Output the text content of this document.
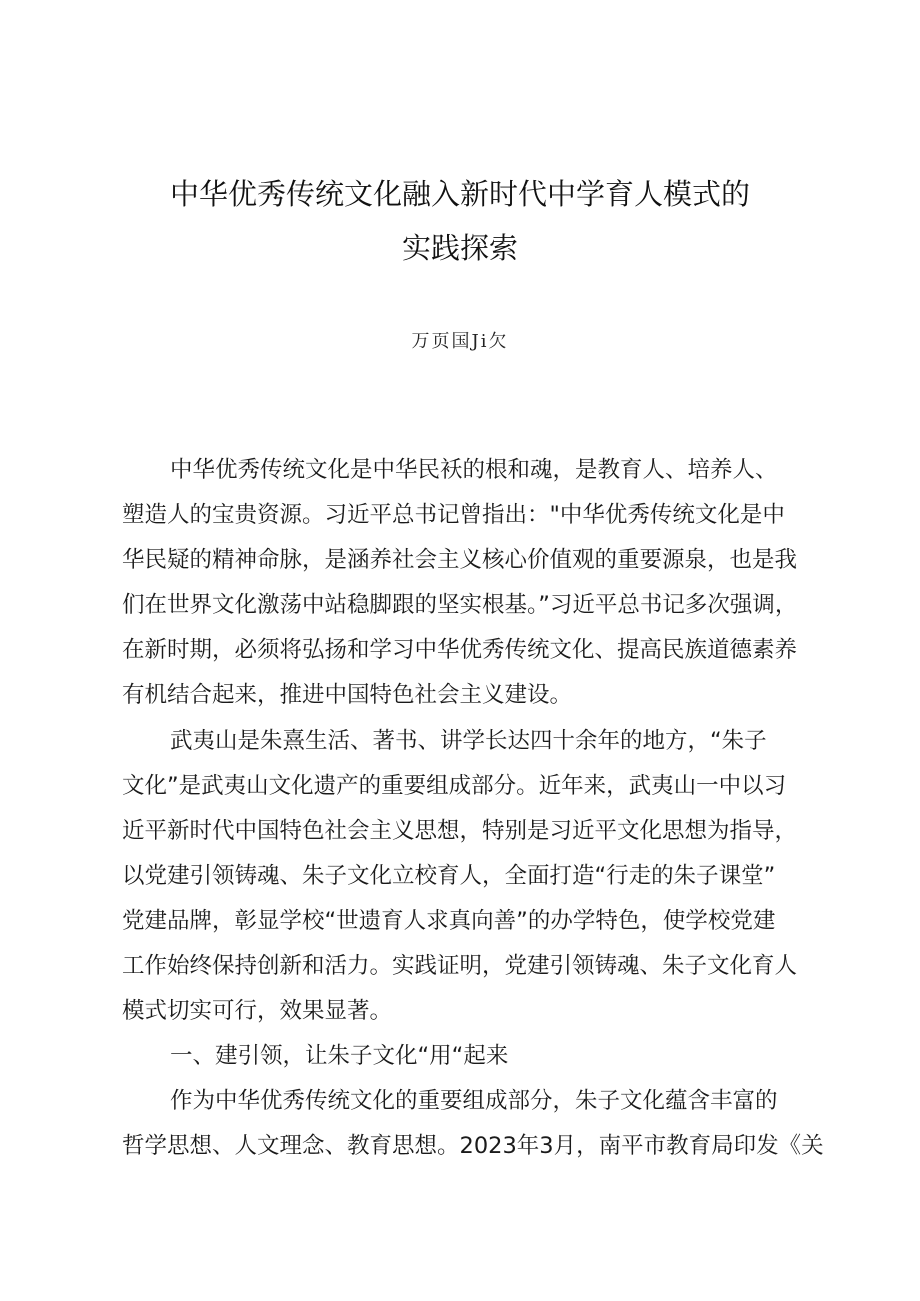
中华优秀传统文化融入新时代中学育人模式的
实践探索
万页国Ji欠
中华优秀传统文化是中华民袄的根和魂，是教育人、培养人、
塑造人的宝贵资源。习近平总书记曾指出："中华优秀传统文化是中
华民疑的精神命脉，是涵养社会主义核心价值观的重要源泉，也是我
们在世界文化激荡中站稳脚跟的坚实根基。”习近平总书记多次强调，
在新时期，必须将弘扬和学习中华优秀传统文化、提高民族道德素养
有机结合起来，推进中国特色社会主义建设。
武夷山是朱熹生活、著书、讲学长达四十余年的地方，“朱子
文化”是武夷山文化遗产的重要组成部分。近年来，武夷山一中以习
近平新时代中国特色社会主义思想，特别是习近平文化思想为指导，
以党建引领铸魂、朱子文化立校育人，全面打造“行走的朱子课堂”
党建品牌，彰显学校“世遗育人求真向善”的办学特色，使学校党建
工作始终保持创新和活力。实践证明，党建引领铸魂、朱子文化育人
模式切实可行，效果显著。
一、建引领，让朱子文化“用“起来
作为中华优秀传统文化的重要组成部分，朱子文化蕴含丰富的
哲学思想、人文理念、教育思想。2023年3月，南平市教育局印发《关
